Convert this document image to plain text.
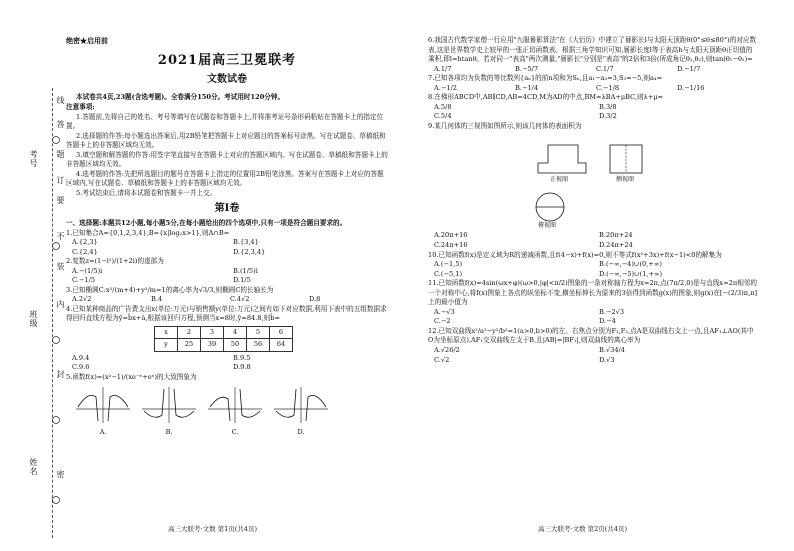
考号
班级
姓名
线
订
装
内
不
要
题
答
封
密
绝密★启用前
2021届高三卫冕联考
文数试卷

本试卷共4页,23题(含选考题)。全卷满分150分。考试用时120分钟。

注意事项:

1.答题前,先将自己的姓名、考号等填写在试题卷和答题卡上,并将准考证号条形码粘贴在答题卡上的指定位置。

2.选择题的作答:每小题选出答案后,用2B铅笔把答题卡上对应题目的答案标号涂黑。写在试题卷、草稿纸和答题卡上的非答题区域均无效。

3.填空题和解答题的作答:用签字笔直接写在答题卡上对应的答题区域内。写在试题卷、草稿纸和答题卡上的非答题区域均无效。

4.选考题的作答:先把所选题目的题号在答题卡上指定的位置用2B铅笔涂黑。答案写在答题卡上对应的答题区域内,写在试题卷、草稿纸和答题卡上的非答题区域均无效。

5.考试结束后,请将本试题卷和答题卡一并上交。

第Ⅰ卷

一、选择题:本题共12小题,每小题5分,在每小题给出的四个选项中,只有一项是符合题目要求的。

1.已知集合A={0,1,2,3,4},B={x|log₂x>1},则A∩B=

A.{2,3}	B.{3,4}
C.{2,4}	D.{2,3,4}

2.复数z=(1−i²)/(1+2i)的虚部为

A.−(1/5)i	B.(1/5)i
C.−1/5	D.1/5

3.已知椭圆C:x²/(m+4)+y²/m=1的离心率为√3/3,则椭圆C的长轴长为

A.2√2	B.4	C.4√2	D.8

4.已知某种商品的广告费支出x(单位:万元)与销售额y(单位:万元)之间有如下对应数据,利用下表中的五组数据求得回归直线方程为ŷ=b̂x+â,根据该回归方程,预测当x=8时,ŷ=84.8,则b̂=

x	2	3	4	5	6
y	25	39	50	56	64
A.9.4	B.9.5
C.9.6	D.9.8

5.函数f(x)=(x²−1)/(xe⁻ˣ+eˣ)的大致图象为

A.	B.	C.	D.
高三大联考·文数 第1页(共4页)

6.我国古代数学家僧一行应用"九服晷影算法"在《大衍历》中建立了晷影长l与太阳天顶距θ(0°≤θ≤80°)的对应数表,这是世界数学史上较早的一张正切函数表。根据三角学知识可知,晷影长度l等于表高h与太阳天顶距θ正切值的乘积,即l=htanθ。若对同一"表高"两次测量,"晷影长"分别是"表高"的2倍和3倍(所成角记θ₁,θ₂),则tan(θ₁−θ₂)=

A.1/7	B.−5/7	C.1/7	D.−1/7

7.已知各项均为负数的等比数列{aₙ}的前n项和为Sₙ,且a₁−a₃=3,S₃=−5,则a₄=

A.−1/2	B.−1/4	C.−1/8	D.−1/16

8.在梯形ABCD中,AB∥CD,AB=4CD,M为AD的中点,BM=λBA+μBC,则λ+μ=

A.5/8	B.3/8
C.5/4	D.3/2

9.某几何体的三视图如图所示,则该几何体的表面积为

正视图	侧视图
俯视图
A.20π+16	B.20π+24
C.24π+16	D.24π+24

10.已知函数f(x)是定义域为R的递减函数,且f(4−x)+f(x)=0,则不等式f(x²+3x)+f(x−1)<0的解集为

A.(−1,5)	B.(−∞,−4)∪(0,+∞)
C.(−5,1)	D.(−∞,−5)∪(1,+∞)

11.已知函数f(x)=4sin(ωx+φ)(ω>0,|φ|<π/2)图象的一条对称轴方程为x=2π,点(7π/2,0)是与直线x=2π相邻的一个对称中心,将f(x)图象上各点的纵坐标不变,横坐标伸长为原来的3倍得到函数g(x)的图象,则g(x)在[−(2/3)π,π]上的最小值为

A.−√3	B.−2√3
C.−2	D.−4

12.已知双曲线x²/a²−y²/b²=1(a>0,b>0)的左、右焦点分别为F₁,F₂,点A是双曲线右支上一点,且AF₁⊥AO(其中O为坐标原点),AF₁交双曲线左支于B,且|AB|=|BF₁|,则双曲线的离心率为

A.√26/2	B.√34/4
C.√2	D.√3
高三大联考·文数 第2页(共4页)
